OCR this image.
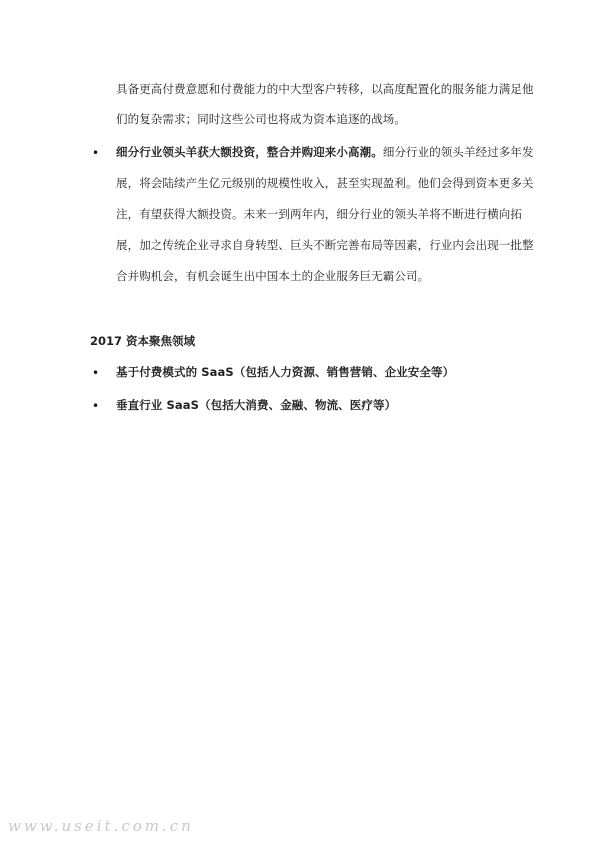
具备更高付费意愿和付费能力的中大型客户转移，以高度配置化的服务能力满足他
们的复杂需求；同时这些公司也将成为资本追逐的战场。
• 细分行业领头羊获大额投资，整合并购迎来小高潮。细分行业的领头羊经过多年发
展，将会陆续产生亿元级别的规模性收入，甚至实现盈利。他们会得到资本更多关
注，有望获得大额投资。未来一到两年内，细分行业的领头羊将不断进行横向拓
展，加之传统企业寻求自身转型、巨头不断完善布局等因素，行业内会出现一批整
合并购机会，有机会诞生出中国本土的企业服务巨无霸公司。
2017 资本聚焦领域
• 基于付费模式的 SaaS（包括人力资源、销售营销、企业安全等）
• 垂直行业 SaaS（包括大消费、金融、物流、医疗等）
www.useit.com.cn
